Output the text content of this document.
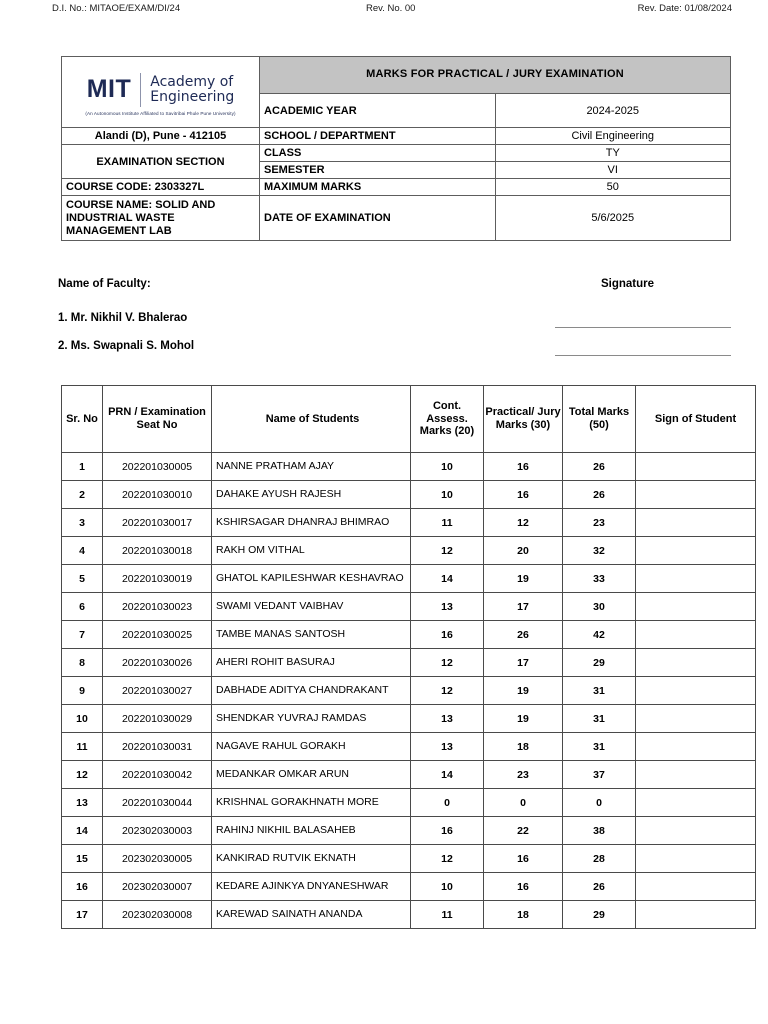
D.I. No.: MITAOE/EXAM/DI/24	Rev. No. 00	Rev. Date: 01/08/2024
MIT Academy of
Engineering
(An Autonomous Institute Affiliated to Savitribai Phule Pune University)	MARKS FOR PRACTICAL / JURY EXAMINATION	
	ACADEMIC YEAR	2024-2025
Alandi (D), Pune - 412105	SCHOOL / DEPARTMENT	Civil Engineering
EXAMINATION SECTION	CLASS	TY
	SEMESTER	VI
COURSE CODE: 2303327L	MAXIMUM MARKS	50
COURSE NAME: SOLID AND INDUSTRIAL WASTE MANAGEMENT LAB	DATE OF EXAMINATION	5/6/2025
Name of Faculty:	Signature
1. Mr. Nikhil V. Bhalerao
2. Ms. Swapnali S. Mohol
Sr. No	PRN / Examination Seat No	Name of Students	Cont. Assess. Marks (20)	Practical/ Jury Marks (30)	Total Marks (50)	Sign of Student
1	202201030005	NANNE PRATHAM AJAY	10	16	26	
2	202201030010	DAHAKE AYUSH RAJESH	10	16	26	
3	202201030017	KSHIRSAGAR DHANRAJ BHIMRAO	11	12	23	
4	202201030018	RAKH OM VITHAL	12	20	32	
5	202201030019	GHATOL KAPILESHWAR KESHAVRAO	14	19	33	
6	202201030023	SWAMI VEDANT VAIBHAV	13	17	30	
7	202201030025	TAMBE MANAS SANTOSH	16	26	42	
8	202201030026	AHERI ROHIT BASURAJ	12	17	29	
9	202201030027	DABHADE ADITYA CHANDRAKANT	12	19	31	
10	202201030029	SHENDKAR YUVRAJ RAMDAS	13	19	31	
11	202201030031	NAGAVE RAHUL GORAKH	13	18	31	
12	202201030042	MEDANKAR OMKAR ARUN	14	23	37	
13	202201030044	KRISHNAL GORAKHNATH MORE	0	0	0	
14	202302030003	RAHINJ NIKHIL BALASAHEB	16	22	38	
15	202302030005	KANKIRAD RUTVIK EKNATH	12	16	28	
16	202302030007	KEDARE AJINKYA DNYANESHWAR	10	16	26	
17	202302030008	KAREWAD SAINATH ANANDA	11	18	29	
